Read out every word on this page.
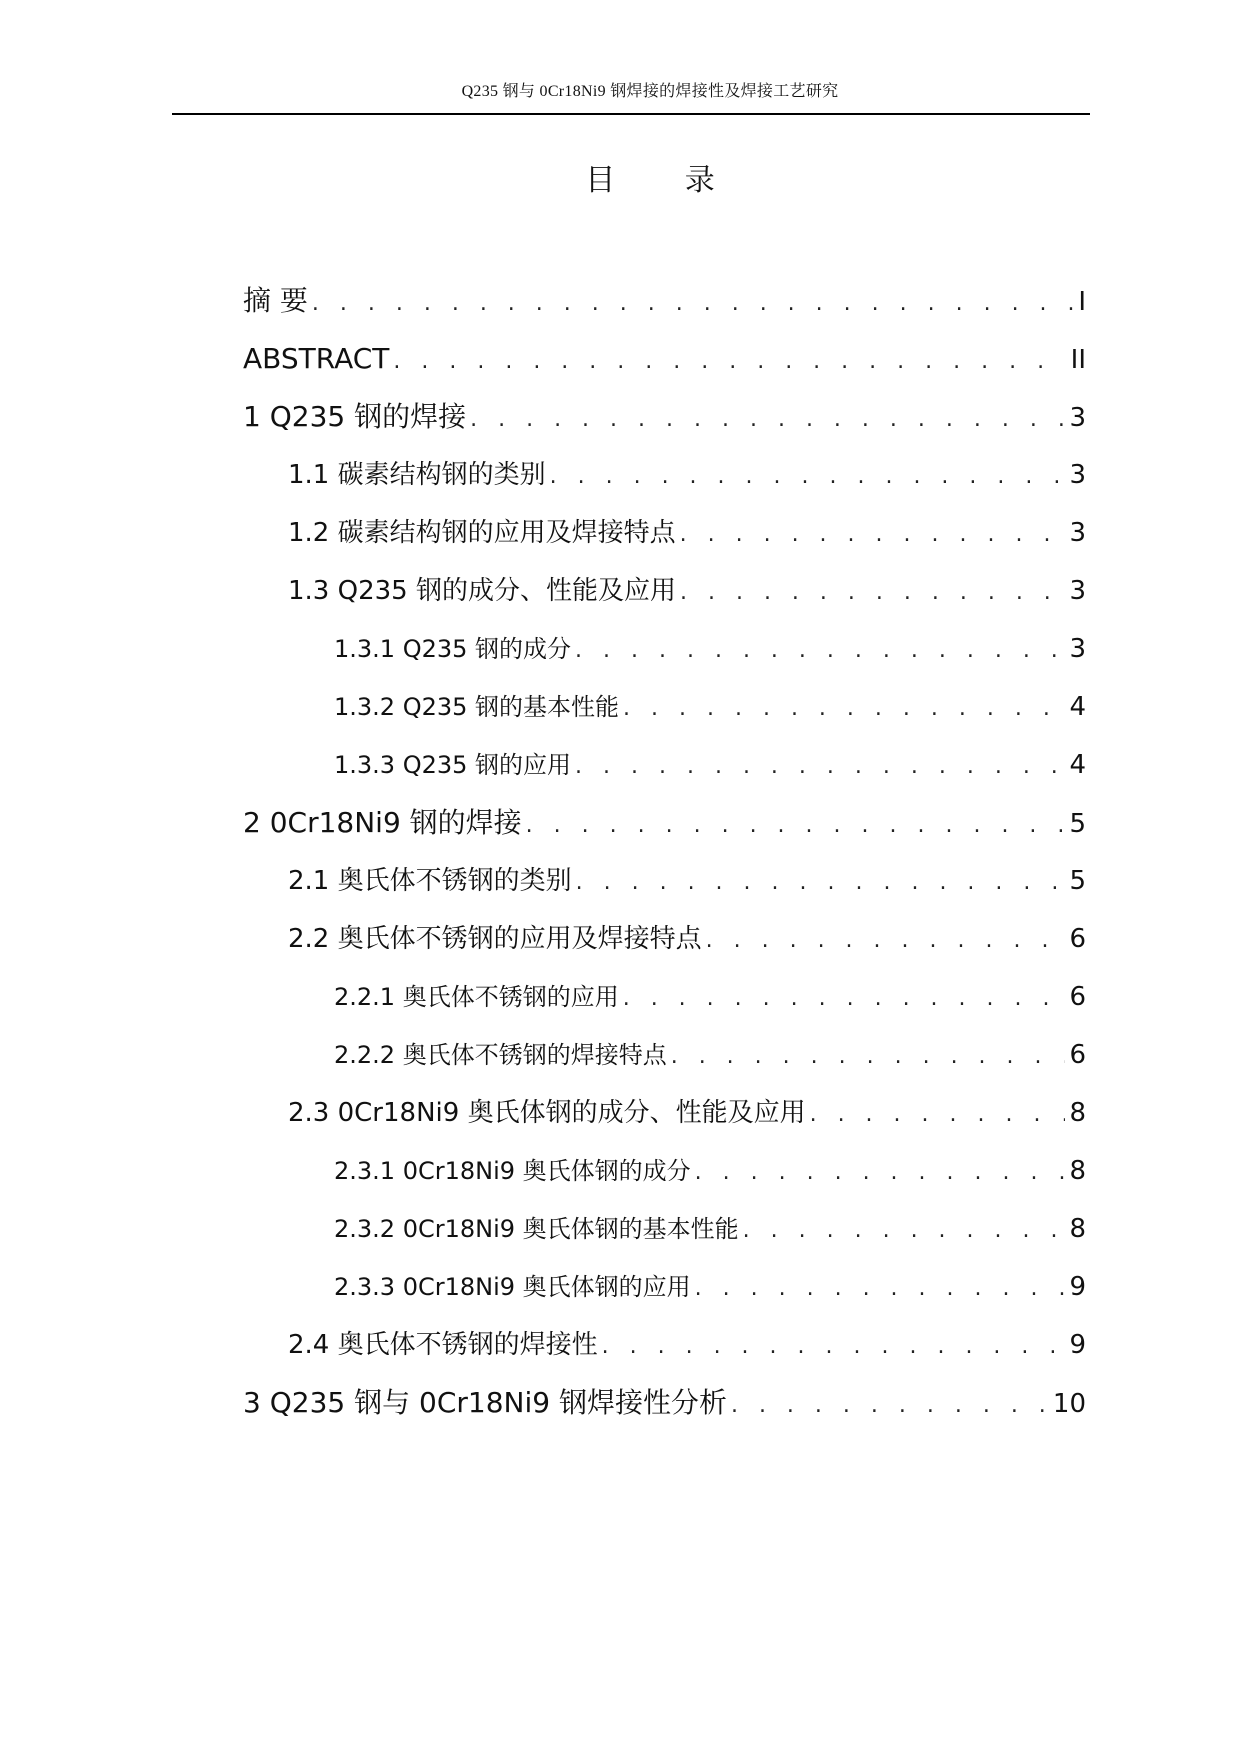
Q235 钢与 0Cr18Ni9 钢焊接的焊接性及焊接工艺研究
目 录
摘 要 . . .	I
ABSTRACT . . .	II
1 Q235 钢的焊接 . . .	3
1.1 碳素结构钢的类别 . . .	3
1.2 碳素结构钢的应用及焊接特点 . . .	3
1.3 Q235 钢的成分、性能及应用 . . .	3
1.3.1 Q235 钢的成分 . . .	3
1.3.2 Q235 钢的基本性能 . . .	4
1.3.3 Q235 钢的应用 . . .	4
2 0Cr18Ni9 钢的焊接 . . .	5
2.1 奥氏体不锈钢的类别 . . .	5
2.2 奥氏体不锈钢的应用及焊接特点 . . .	6
2.2.1 奥氏体不锈钢的应用 . . .	6
2.2.2 奥氏体不锈钢的焊接特点 . . .	6
2.3 0Cr18Ni9 奥氏体钢的成分、性能及应用 . . .	8
2.3.1 0Cr18Ni9 奥氏体钢的成分 . . .	8
2.3.2 0Cr18Ni9 奥氏体钢的基本性能 . . .	8
2.3.3 0Cr18Ni9 奥氏体钢的应用 . . .	9
2.4 奥氏体不锈钢的焊接性 . . .	9
3 Q235 钢与 0Cr18Ni9 钢焊接性分析 . . .	10
